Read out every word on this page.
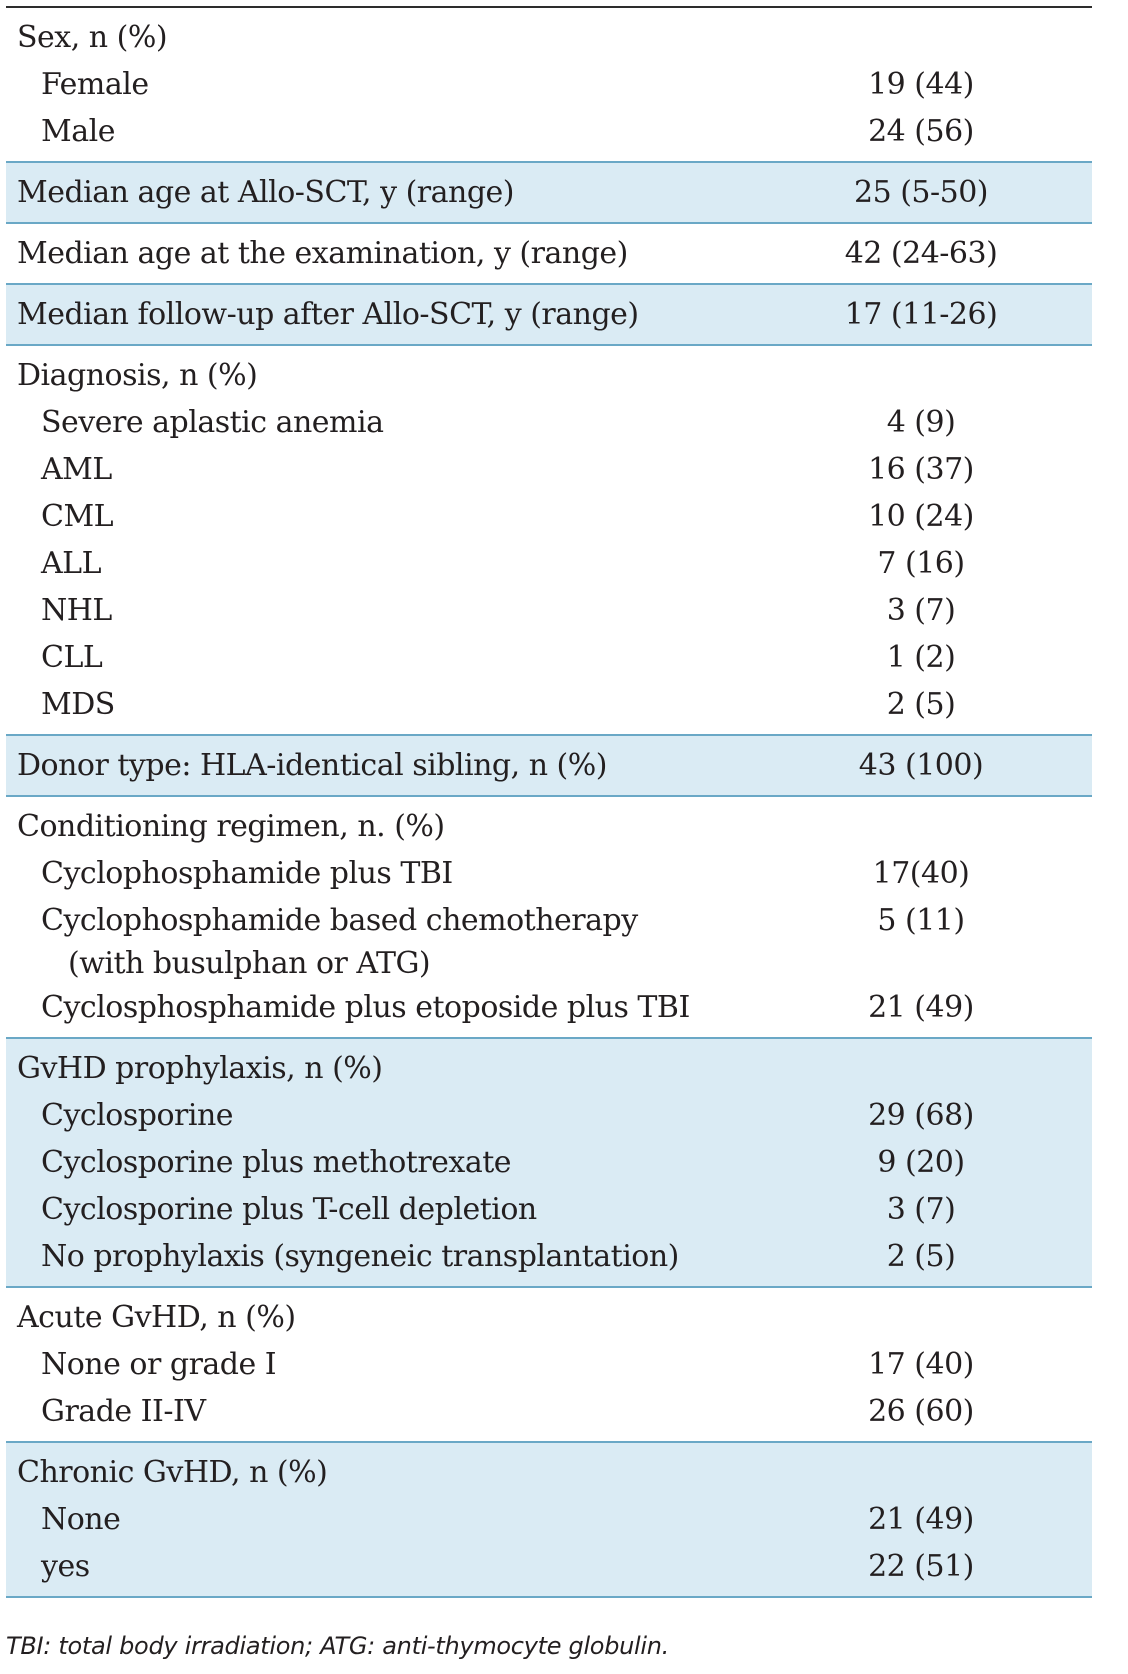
Sex, n (%)
Female	19 (44)
Male	24 (56)
Median age at Allo-SCT, y (range)	25 (5-50)
Median age at the examination, y (range)	42 (24-63)
Median follow-up after Allo-SCT, y (range)	17 (11-26)
Diagnosis, n (%)
Severe aplastic anemia	4 (9)
AML	16 (37)
CML	10 (24)
ALL	7 (16)
NHL	3 (7)
CLL	1 (2)
MDS	2 (5)
Donor type: HLA-identical sibling, n (%)	43 (100)
Conditioning regimen, n. (%)
Cyclophosphamide plus TBI	17(40)
Cyclophosphamide based chemotherapy	5 (11)
(with busulphan or ATG)
Cyclosphosphamide plus etoposide plus TBI	21 (49)
GvHD prophylaxis, n (%)
Cyclosporine	29 (68)
Cyclosporine plus methotrexate	9 (20)
Cyclosporine plus T-cell depletion	3 (7)
No prophylaxis (syngeneic transplantation)	2 (5)
Acute GvHD, n (%)
None or grade I	17 (40)
Grade II-IV	26 (60)
Chronic GvHD, n (%)
None	21 (49)
yes	22 (51)
TBI: total body irradiation; ATG: anti-thymocyte globulin.
